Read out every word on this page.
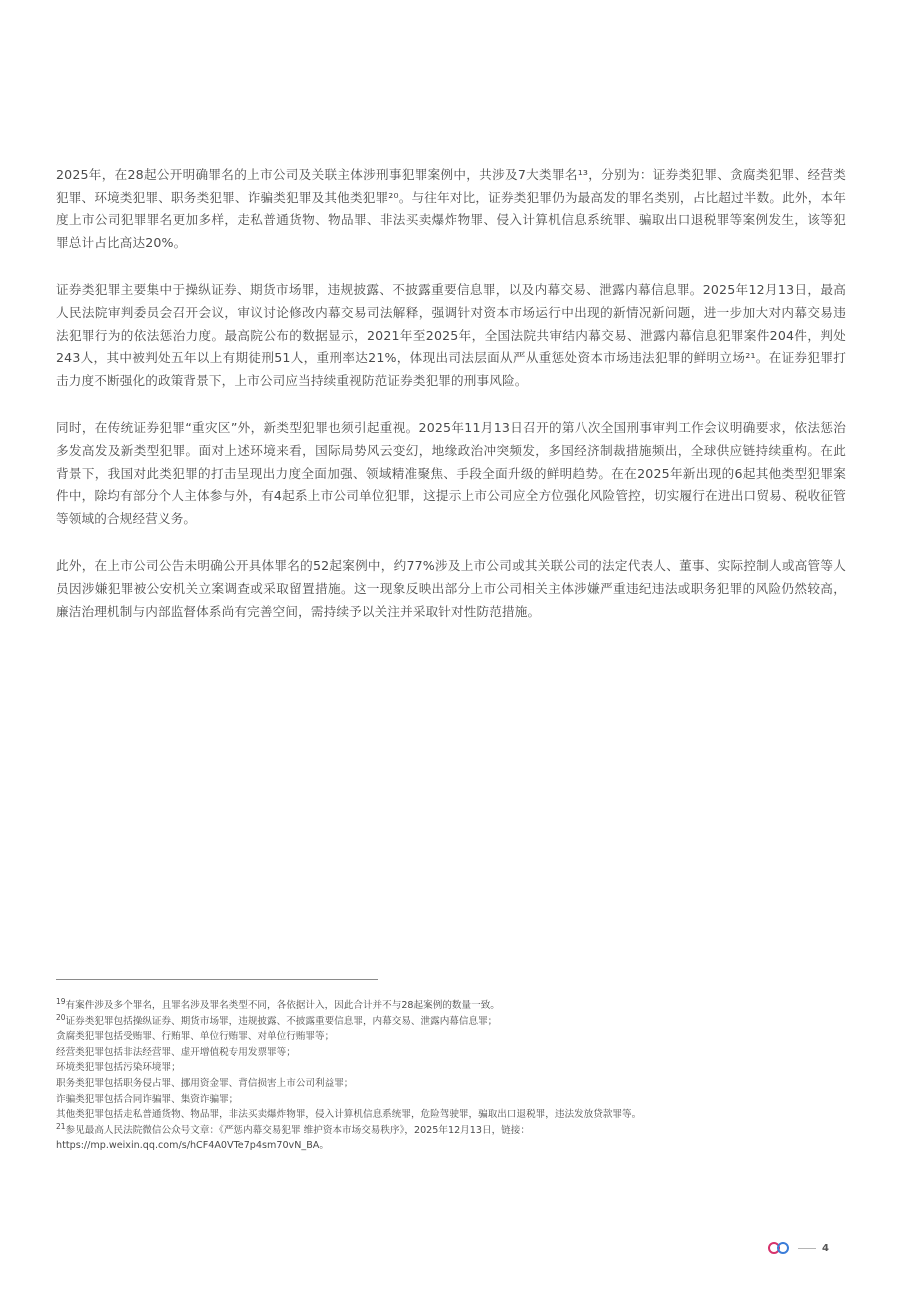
2025年，在28起公开明确罪名的上市公司及关联主体涉刑事犯罪案例中，共涉及7大类罪名¹³，分别为：证券类犯罪、贪腐类犯罪、经营类犯罪、环境类犯罪、职务类犯罪、诈骗类犯罪及其他类犯罪²⁰。与往年对比，证券类犯罪仍为最高发的罪名类别，占比超过半数。此外，本年度上市公司犯罪罪名更加多样，走私普通货物、物品罪、非法买卖爆炸物罪、侵入计算机信息系统罪、骗取出口退税罪等案例发生，该等犯罪总计占比高达20%。

证券类犯罪主要集中于操纵证券、期货市场罪，违规披露、不披露重要信息罪，以及内幕交易、泄露内幕信息罪。2025年12月13日，最高人民法院审判委员会召开会议，审议讨论修改内幕交易司法解释，强调针对资本市场运行中出现的新情况新问题，进一步加大对内幕交易违法犯罪行为的依法惩治力度。最高院公布的数据显示，2021年至2025年，全国法院共审结内幕交易、泄露内幕信息犯罪案件204件，判处243人，其中被判处五年以上有期徒刑51人，重刑率达21%，体现出司法层面从严从重惩处资本市场违法犯罪的鲜明立场²¹。在证券犯罪打击力度不断强化的政策背景下，上市公司应当持续重视防范证券类犯罪的刑事风险。

同时，在传统证券犯罪“重灾区”外，新类型犯罪也须引起重视。2025年11月13日召开的第八次全国刑事审判工作会议明确要求，依法惩治多发高发及新类型犯罪。面对上述环境来看，国际局势风云变幻，地缘政治冲突频发，多国经济制裁措施频出，全球供应链持续重构。在此背景下，我国对此类犯罪的打击呈现出力度全面加强、领域精准聚焦、手段全面升级的鲜明趋势。在在2025年新出现的6起其他类型犯罪案件中，除均有部分个人主体参与外，有4起系上市公司单位犯罪，这提示上市公司应全方位强化风险管控，切实履行在进出口贸易、税收征管等领域的合规经营义务。

此外，在上市公司公告未明确公开具体罪名的52起案例中，约77%涉及上市公司或其关联公司的法定代表人、董事、实际控制人或高管等人员因涉嫌犯罪被公安机关立案调查或采取留置措施。这一现象反映出部分上市公司相关主体涉嫌严重违纪违法或职务犯罪的风险仍然较高，廉洁治理机制与内部监督体系尚有完善空间，需持续予以关注并采取针对性防范措施。

$^{19}$有案件涉及多个罪名，且罪名涉及罪名类型不同，各依据计入，因此合计并不与28起案例的数量一致。

$^{20}$证券类犯罪包括操纵证券、期货市场罪，违规披露、不披露重要信息罪，内幕交易、泄露内幕信息罪；

贪腐类犯罪包括受贿罪、行贿罪、单位行贿罪、对单位行贿罪等；

经营类犯罪包括非法经营罪、虚开增值税专用发票罪等；

环境类犯罪包括污染环境罪；

职务类犯罪包括职务侵占罪、挪用资金罪、背信损害上市公司利益罪；

诈骗类犯罪包括合同诈骗罪、集资诈骗罪；

其他类犯罪包括走私普通货物、物品罪，非法买卖爆炸物罪，侵入计算机信息系统罪，危险驾驶罪，骗取出口退税罪，违法发放贷款罪等。

$^{21}$参见最高人民法院微信公众号文章：《严惩内幕交易犯罪 维护资本市场交易秩序》，2025年12月13日，链接：

https://mp.weixin.qq.com/s/hCF4A0VTe7p4sm70vN_BA。

4
